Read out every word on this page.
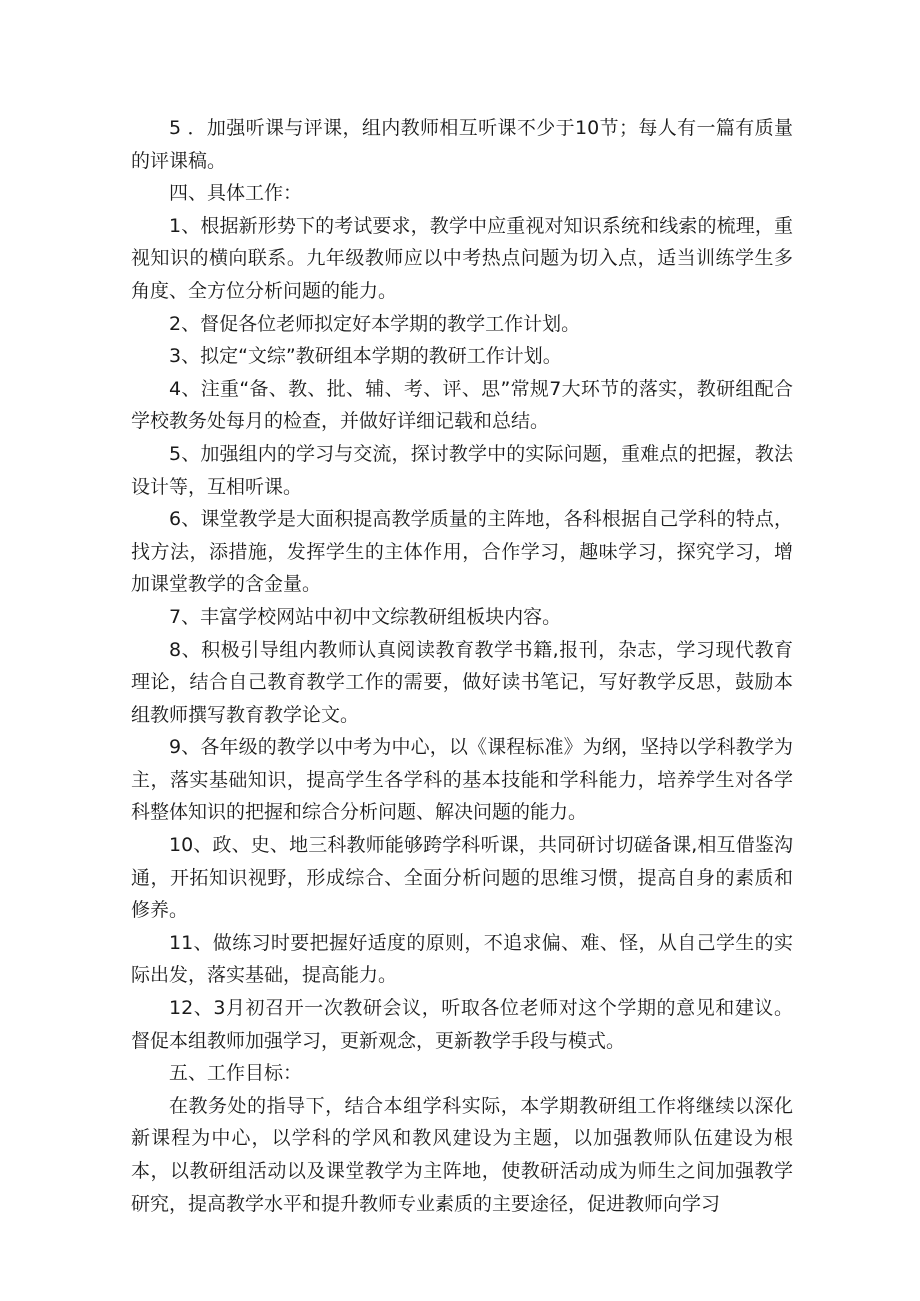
5 ．加强听课与评课，组内教师相互听课不少于10节；每人有一篇有质量的评课稿。

四、具体工作：

1、根据新形势下的考试要求，教学中应重视对知识系统和线索的梳理，重视知识的横向联系。九年级教师应以中考热点问题为切入点，适当训练学生多角度、全方位分析问题的能力。

2、督促各位老师拟定好本学期的教学工作计划。

3、拟定“文综”教研组本学期的教研工作计划。

4、注重“备、教、批、辅、考、评、思”常规7大环节的落实，教研组配合学校教务处每月的检查，并做好详细记载和总结。

5、加强组内的学习与交流，探讨教学中的实际问题，重难点的把握，教法设计等，互相听课。

6、课堂教学是大面积提高教学质量的主阵地，各科根据自己学科的特点，找方法，添措施，发挥学生的主体作用，合作学习，趣味学习，探究学习，增加课堂教学的含金量。

7、丰富学校网站中初中文综教研组板块内容。

8、积极引导组内教师认真阅读教育教学书籍,报刊，杂志，学习现代教育理论，结合自己教育教学工作的需要，做好读书笔记，写好教学反思，鼓励本组教师撰写教育教学论文。

9、各年级的教学以中考为中心，以《课程标准》为纲，坚持以学科教学为主，落实基础知识，提高学生各学科的基本技能和学科能力，培养学生对各学科整体知识的把握和综合分析问题、解决问题的能力。

10、政、史、地三科教师能够跨学科听课，共同研讨切磋备课,相互借鉴沟通，开拓知识视野，形成综合、全面分析问题的思维习惯，提高自身的素质和修养。

11、做练习时要把握好适度的原则，不追求偏、难、怪，从自己学生的实际出发，落实基础，提高能力。

12、3月初召开一次教研会议，听取各位老师对这个学期的意见和建议。督促本组教师加强学习，更新观念，更新教学手段与模式。

五、工作目标：

在教务处的指导下，结合本组学科实际，本学期教研组工作将继续以深化新课程为中心，以学科的学风和教风建设为主题，以加强教师队伍建设为根本，以教研组活动以及课堂教学为主阵地，使教研活动成为师生之间加强教学研究，提高教学水平和提升教师专业素质的主要途径，促进教师向学习
